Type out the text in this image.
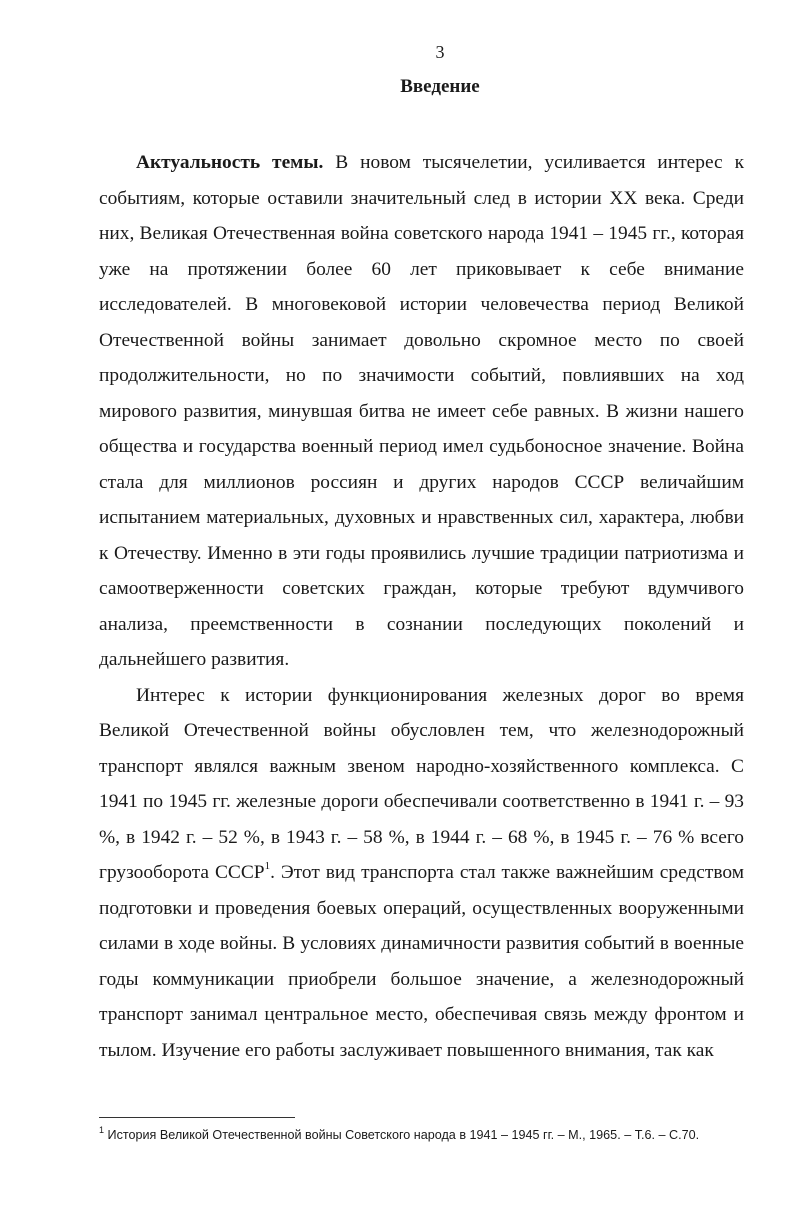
3
Введение

Актуальность темы. В новом тысячелетии, усиливается интерес к событиям, которые оставили значительный след в истории XX века. Среди них, Великая Отечественная война советского народа 1941 – 1945 гг., которая уже на протяжении более 60 лет приковывает к себе внимание исследователей. В многовековой истории человечества период Великой Отечественной войны занимает довольно скромное место по своей продолжительности, но по значимости событий, повлиявших на ход мирового развития, минувшая битва не имеет себе равных. В жизни нашего общества и государства военный период имел судьбоносное значение. Война стала для миллионов россиян и других народов СССР величайшим испытанием материальных, духовных и нравственных сил, характера, любви к Отечеству. Именно в эти годы проявились лучшие традиции патриотизма и самоотверженности советских граждан, которые требуют вдумчивого анализа, преемственности в сознании последующих поколений и дальнейшего развития.

Интерес к истории функционирования железных дорог во время Великой Отечественной войны обусловлен тем, что железнодорожный транспорт являлся важным звеном народно-хозяйственного комплекса. С 1941 по 1945 гг. железные дороги обеспечивали соответственно в 1941 г. – 93 %, в 1942 г. – 52 %, в 1943 г. – 58 %, в 1944 г. – 68 %, в 1945 г. – 76 % всего грузооборота СССР$^1$. Этот вид транспорта стал также важнейшим средством подготовки и проведения боевых операций, осуществленных вооруженными силами в ходе войны. В условиях динамичности развития событий в военные годы коммуникации приобрели большое значение, а железнодорожный транспорт занимал центральное место, обеспечивая связь между фронтом и тылом. Изучение его работы заслуживает повышенного внимания, так как

$^1$ История Великой Отечественной войны Советского народа в 1941 – 1945 гг. – М., 1965. – Т.6. – С.70.
